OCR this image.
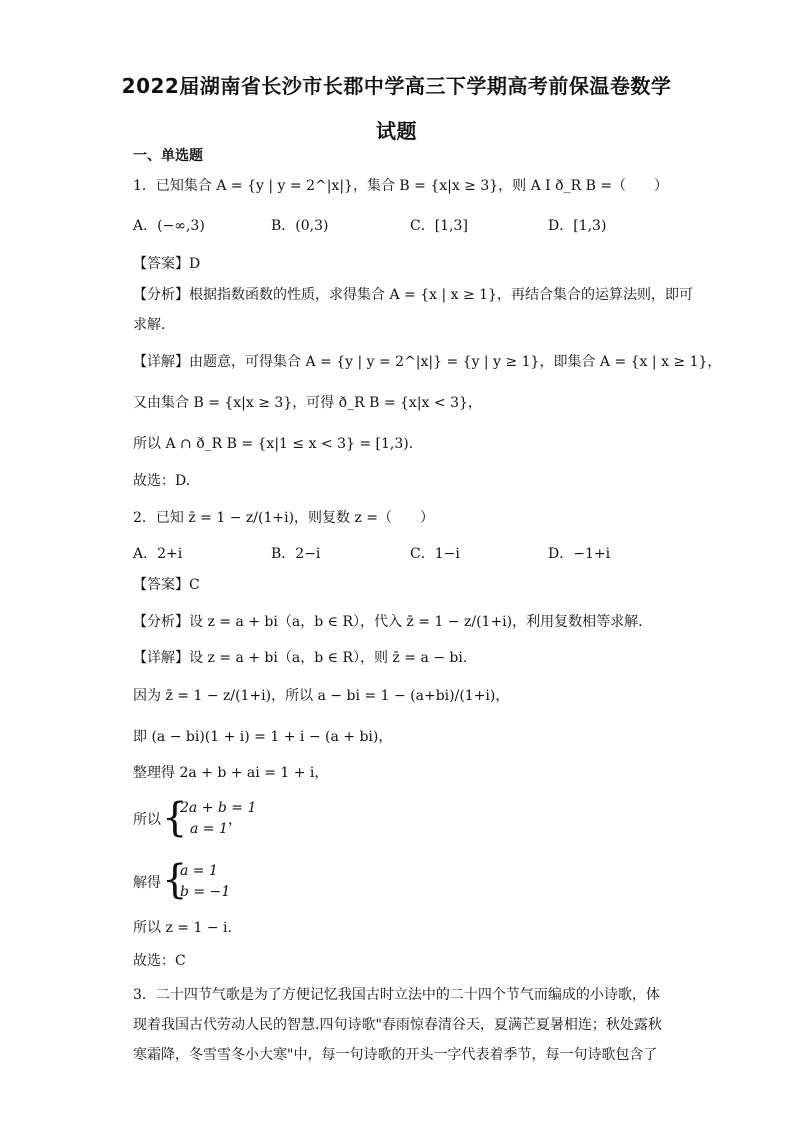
2022届湖南省长沙市长郡中学高三下学期高考前保温卷数学
试题
一、单选题
1．已知集合 A = {y | y = 2^|x|}，集合 B = {x|x ≥ 3}，则 A I ð_R B =（　　）
A．(−∞,3)	B．(0,3)	C．[1,3]	D．[1,3)
【答案】D
【分析】根据指数函数的性质，求得集合 A = {x | x ≥ 1}，再结合集合的运算法则，即可
求解.
【详解】由题意，可得集合 A = {y | y = 2^|x|} = {y | y ≥ 1}，即集合 A = {x | x ≥ 1}，
又由集合 B = {x|x ≥ 3}，可得 ð_R B = {x|x < 3}，
所以 A ∩ ð_R B = {x|1 ≤ x < 3} = [1,3).
故选：D.
2．已知 z̄ = 1 − z/(1+i)，则复数 z =（　　）
A．2+i	B．2−i	C．1−i	D．−1+i
【答案】C
【分析】设 z = a + bi（a，b ∈ R），代入 z̄ = 1 − z/(1+i)，利用复数相等求解.
【详解】设 z = a + bi（a，b ∈ R），则 z̄ = a − bi.
因为 z̄ = 1 − z/(1+i)，所以 a − bi = 1 − (a+bi)/(1+i)，
即 (a − bi)(1 + i) = 1 + i − (a + bi)，
整理得 2a + b + ai = 1 + i，
所以 {
2a + b = 1
a = 1
，
解得 {
a = 1
b = −1
，
所以 z = 1 − i.
故选：C
3．二十四节气歌是为了方便记忆我国古时立法中的二十四个节气而编成的小诗歌，体
现着我国古代劳动人民的智慧.四句诗歌"春雨惊春清谷天，夏满芒夏暑相连；秋处露秋
寒霜降，冬雪雪冬小大寒"中，每一句诗歌的开头一字代表着季节，每一句诗歌包含了
